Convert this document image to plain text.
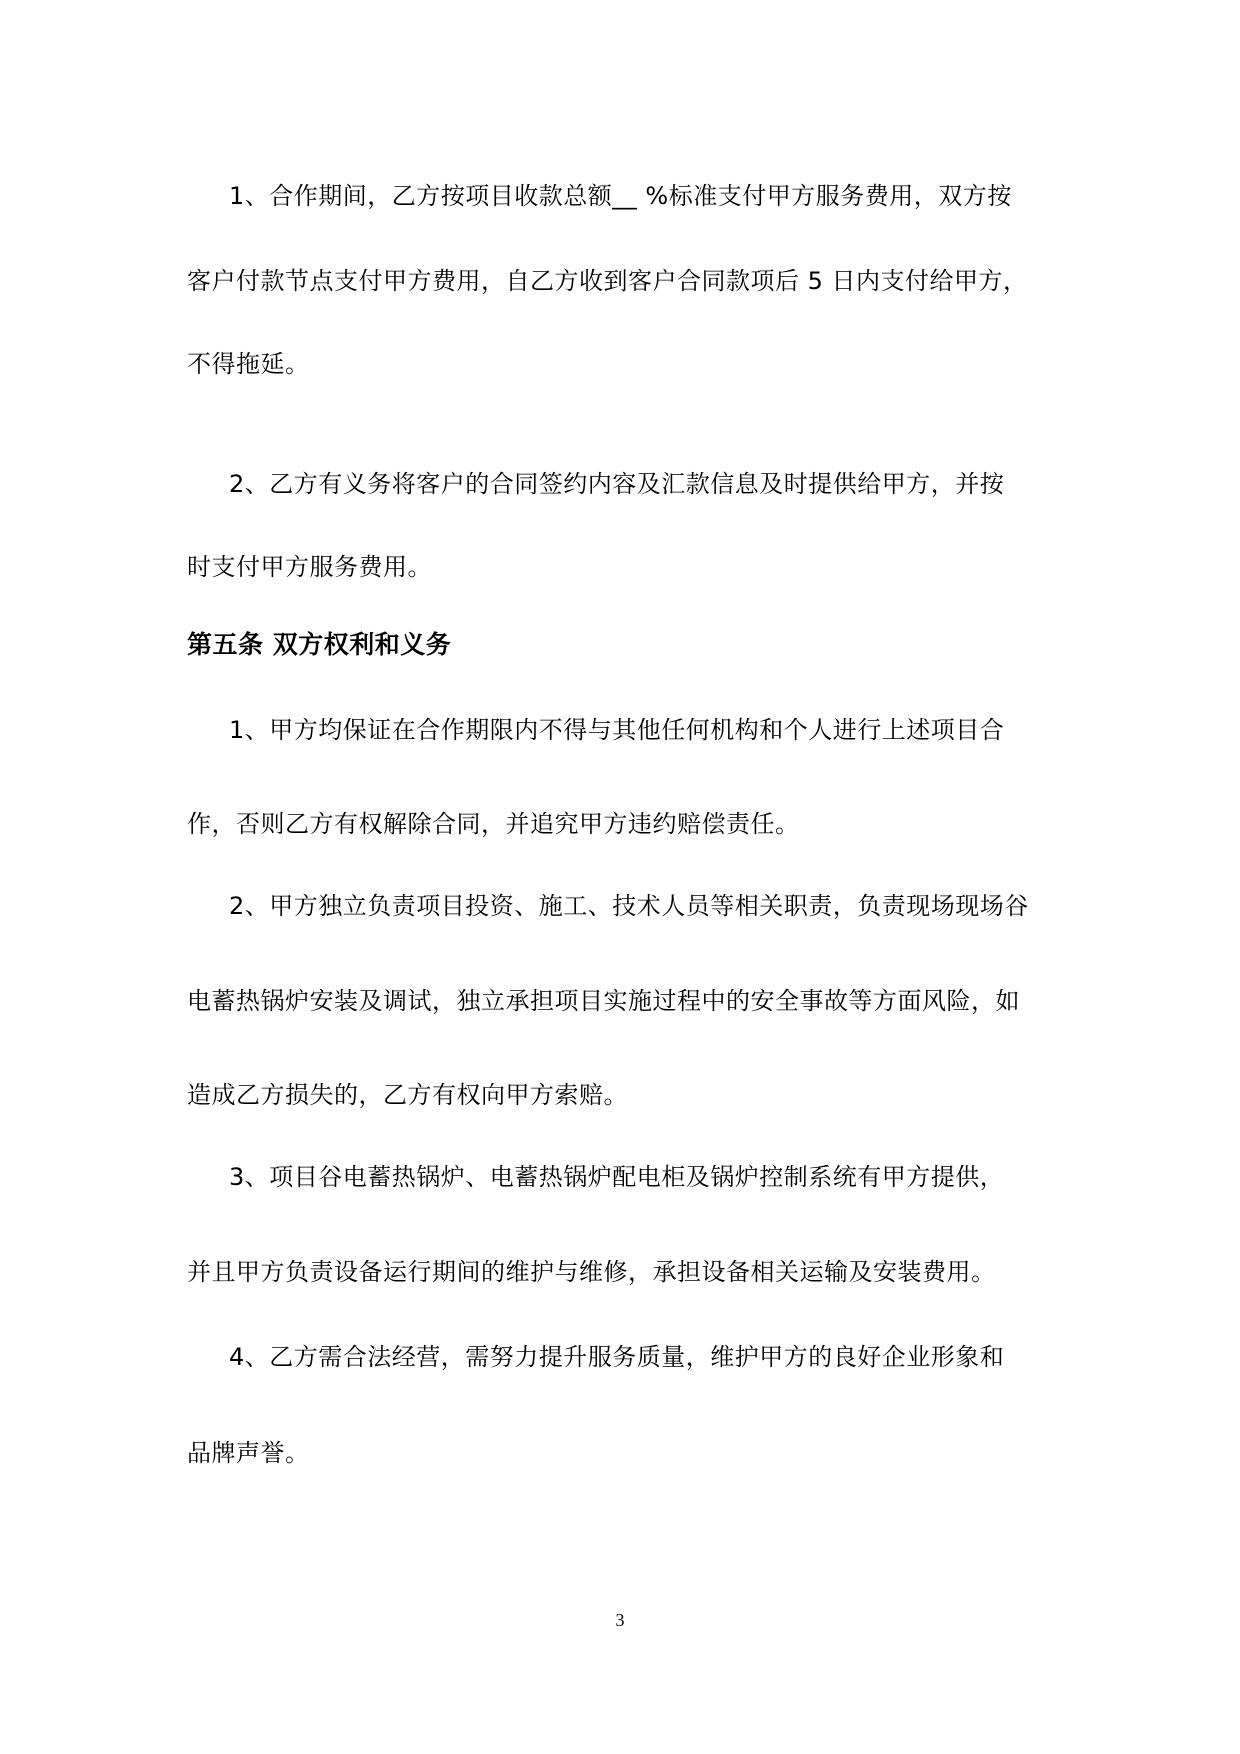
1、合作期间，乙方按项目收款总额__ %标准支付甲方服务费用，双方按
客户付款节点支付甲方费用，自乙方收到客户合同款项后 5 日内支付给甲方，
不得拖延。
2、乙方有义务将客户的合同签约内容及汇款信息及时提供给甲方，并按
时支付甲方服务费用。
第五条 双方权利和义务
1、甲方均保证在合作期限内不得与其他任何机构和个人进行上述项目合
作，否则乙方有权解除合同，并追究甲方违约赔偿责任。
2、甲方独立负责项目投资、施工、技术人员等相关职责，负责现场现场谷
电蓄热锅炉安装及调试，独立承担项目实施过程中的安全事故等方面风险，如
造成乙方损失的，乙方有权向甲方索赔。
3、项目谷电蓄热锅炉、电蓄热锅炉配电柜及锅炉控制系统有甲方提供，
并且甲方负责设备运行期间的维护与维修，承担设备相关运输及安装费用。
4、乙方需合法经营，需努力提升服务质量，维护甲方的良好企业形象和
品牌声誉。
3
